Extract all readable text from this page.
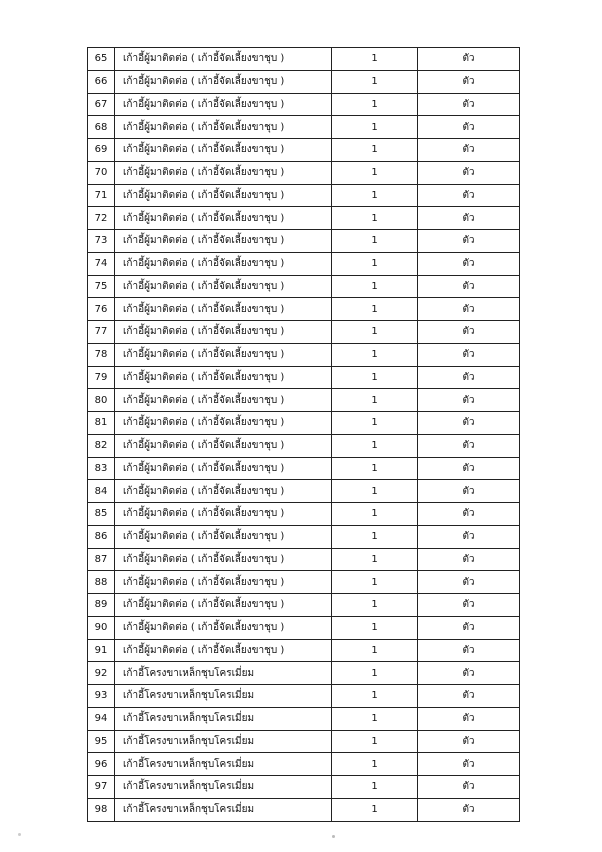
65	เก้าอี้ผู้มาติดต่อ ( เก้าอี้จัดเลี้ยงขาชุบ )	1	ตัว
66	เก้าอี้ผู้มาติดต่อ ( เก้าอี้จัดเลี้ยงขาชุบ )	1	ตัว
67	เก้าอี้ผู้มาติดต่อ ( เก้าอี้จัดเลี้ยงขาชุบ )	1	ตัว
68	เก้าอี้ผู้มาติดต่อ ( เก้าอี้จัดเลี้ยงขาชุบ )	1	ตัว
69	เก้าอี้ผู้มาติดต่อ ( เก้าอี้จัดเลี้ยงขาชุบ )	1	ตัว
70	เก้าอี้ผู้มาติดต่อ ( เก้าอี้จัดเลี้ยงขาชุบ )	1	ตัว
71	เก้าอี้ผู้มาติดต่อ ( เก้าอี้จัดเลี้ยงขาชุบ )	1	ตัว
72	เก้าอี้ผู้มาติดต่อ ( เก้าอี้จัดเลี้ยงขาชุบ )	1	ตัว
73	เก้าอี้ผู้มาติดต่อ ( เก้าอี้จัดเลี้ยงขาชุบ )	1	ตัว
74	เก้าอี้ผู้มาติดต่อ ( เก้าอี้จัดเลี้ยงขาชุบ )	1	ตัว
75	เก้าอี้ผู้มาติดต่อ ( เก้าอี้จัดเลี้ยงขาชุบ )	1	ตัว
76	เก้าอี้ผู้มาติดต่อ ( เก้าอี้จัดเลี้ยงขาชุบ )	1	ตัว
77	เก้าอี้ผู้มาติดต่อ ( เก้าอี้จัดเลี้ยงขาชุบ )	1	ตัว
78	เก้าอี้ผู้มาติดต่อ ( เก้าอี้จัดเลี้ยงขาชุบ )	1	ตัว
79	เก้าอี้ผู้มาติดต่อ ( เก้าอี้จัดเลี้ยงขาชุบ )	1	ตัว
80	เก้าอี้ผู้มาติดต่อ ( เก้าอี้จัดเลี้ยงขาชุบ )	1	ตัว
81	เก้าอี้ผู้มาติดต่อ ( เก้าอี้จัดเลี้ยงขาชุบ )	1	ตัว
82	เก้าอี้ผู้มาติดต่อ ( เก้าอี้จัดเลี้ยงขาชุบ )	1	ตัว
83	เก้าอี้ผู้มาติดต่อ ( เก้าอี้จัดเลี้ยงขาชุบ )	1	ตัว
84	เก้าอี้ผู้มาติดต่อ ( เก้าอี้จัดเลี้ยงขาชุบ )	1	ตัว
85	เก้าอี้ผู้มาติดต่อ ( เก้าอี้จัดเลี้ยงขาชุบ )	1	ตัว
86	เก้าอี้ผู้มาติดต่อ ( เก้าอี้จัดเลี้ยงขาชุบ )	1	ตัว
87	เก้าอี้ผู้มาติดต่อ ( เก้าอี้จัดเลี้ยงขาชุบ )	1	ตัว
88	เก้าอี้ผู้มาติดต่อ ( เก้าอี้จัดเลี้ยงขาชุบ )	1	ตัว
89	เก้าอี้ผู้มาติดต่อ ( เก้าอี้จัดเลี้ยงขาชุบ )	1	ตัว
90	เก้าอี้ผู้มาติดต่อ ( เก้าอี้จัดเลี้ยงขาชุบ )	1	ตัว
91	เก้าอี้ผู้มาติดต่อ ( เก้าอี้จัดเลี้ยงขาชุบ )	1	ตัว
92	เก้าอี้โครงขาเหล็กชุบโครเมี่ยม	1	ตัว
93	เก้าอี้โครงขาเหล็กชุบโครเมี่ยม	1	ตัว
94	เก้าอี้โครงขาเหล็กชุบโครเมี่ยม	1	ตัว
95	เก้าอี้โครงขาเหล็กชุบโครเมี่ยม	1	ตัว
96	เก้าอี้โครงขาเหล็กชุบโครเมี่ยม	1	ตัว
97	เก้าอี้โครงขาเหล็กชุบโครเมี่ยม	1	ตัว
98	เก้าอี้โครงขาเหล็กชุบโครเมี่ยม	1	ตัว
